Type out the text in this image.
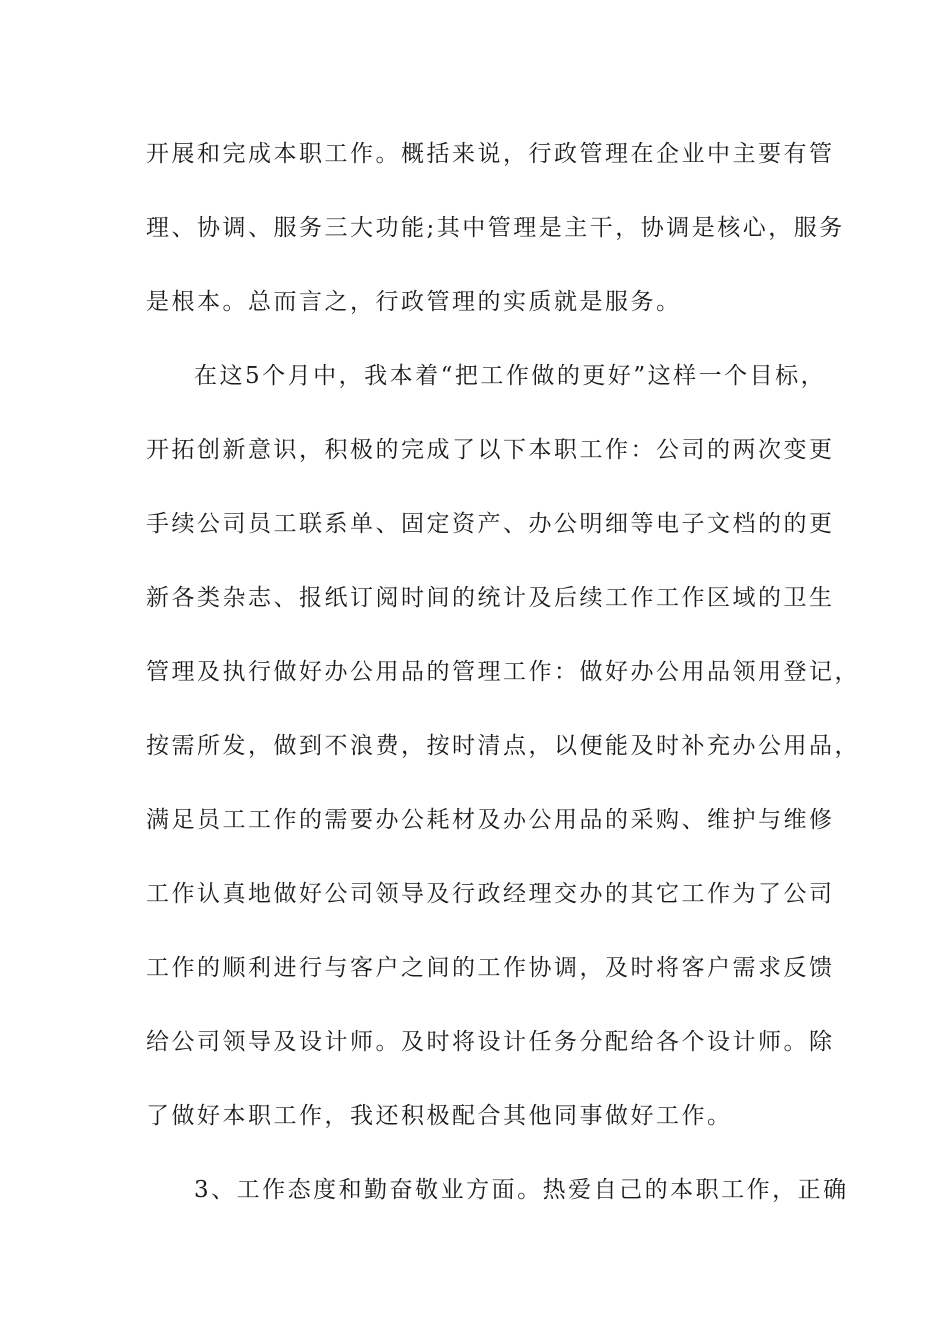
开展和完成本职工作。概括来说，行政管理在企业中主要有管
理、协调、服务三大功能;其中管理是主干，协调是核心，服务
是根本。总而言之，行政管理的实质就是服务。
在这5个月中，我本着“把工作做的更好”这样一个目标，
开拓创新意识，积极的完成了以下本职工作：公司的两次变更
手续公司员工联系单、固定资产、办公明细等电子文档的的更
新各类杂志、报纸订阅时间的统计及后续工作工作区域的卫生
管理及执行做好办公用品的管理工作：做好办公用品领用登记，
按需所发，做到不浪费，按时清点，以便能及时补充办公用品，
满足员工工作的需要办公耗材及办公用品的采购、维护与维修
工作认真地做好公司领导及行政经理交办的其它工作为了公司
工作的顺利进行与客户之间的工作协调，及时将客户需求反馈
给公司领导及设计师。及时将设计任务分配给各个设计师。除
了做好本职工作，我还积极配合其他同事做好工作。
3、工作态度和勤奋敬业方面。热爱自己的本职工作，正确
